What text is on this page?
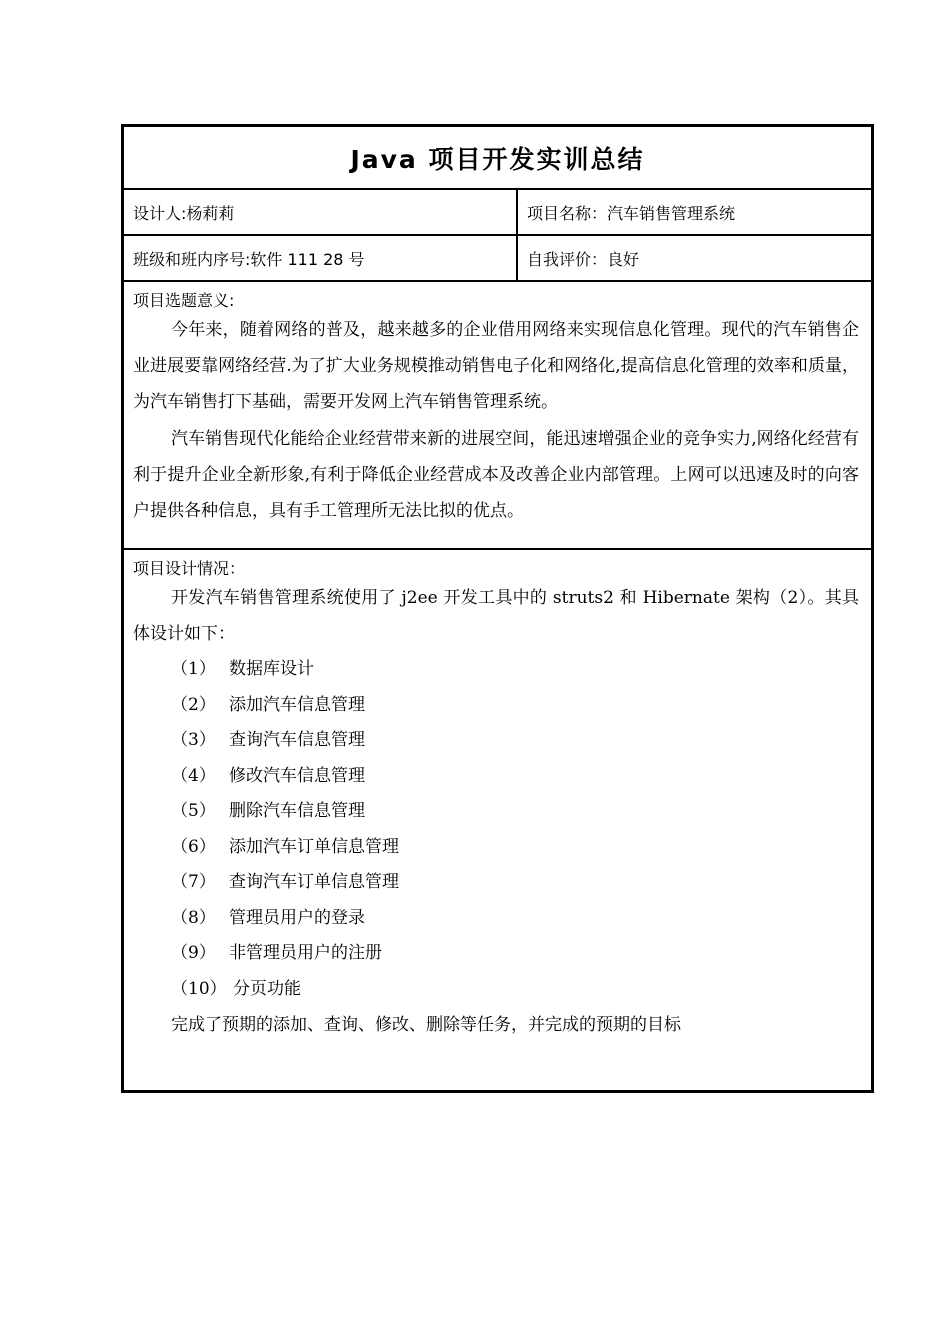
Java 项目开发实训总结
设计人:杨莉莉	项目名称：汽车销售管理系统
班级和班内序号:软件 111 28 号	自我评价：良好
项目选题意义:

今年来，随着网络的普及，越来越多的企业借用网络来实现信息化管理。现代的汽车销售企业进展要靠网络经营.为了扩大业务规模推动销售电子化和网络化,提高信息化管理的效率和质量，为汽车销售打下基础，需要开发网上汽车销售管理系统。

汽车销售现代化能给企业经营带来新的进展空间，能迅速增强企业的竞争实力,网络化经营有利于提升企业全新形象,有利于降低企业经营成本及改善企业内部管理。上网可以迅速及时的向客户提供各种信息，具有手工管理所无法比拟的优点。

项目设计情况：

开发汽车销售管理系统使用了 j2ee 开发工具中的 struts2 和 Hibernate 架构（2）。其具体设计如下：

（1） 数据库设计
（2） 添加汽车信息管理
（3） 查询汽车信息管理
（4） 修改汽车信息管理
（5） 删除汽车信息管理
（6） 添加汽车订单信息管理
（7） 查询汽车订单信息管理
（8） 管理员用户的登录
（9） 非管理员用户的注册
（10） 分页功能
完成了预期的添加、查询、修改、删除等任务，并完成的预期的目标
